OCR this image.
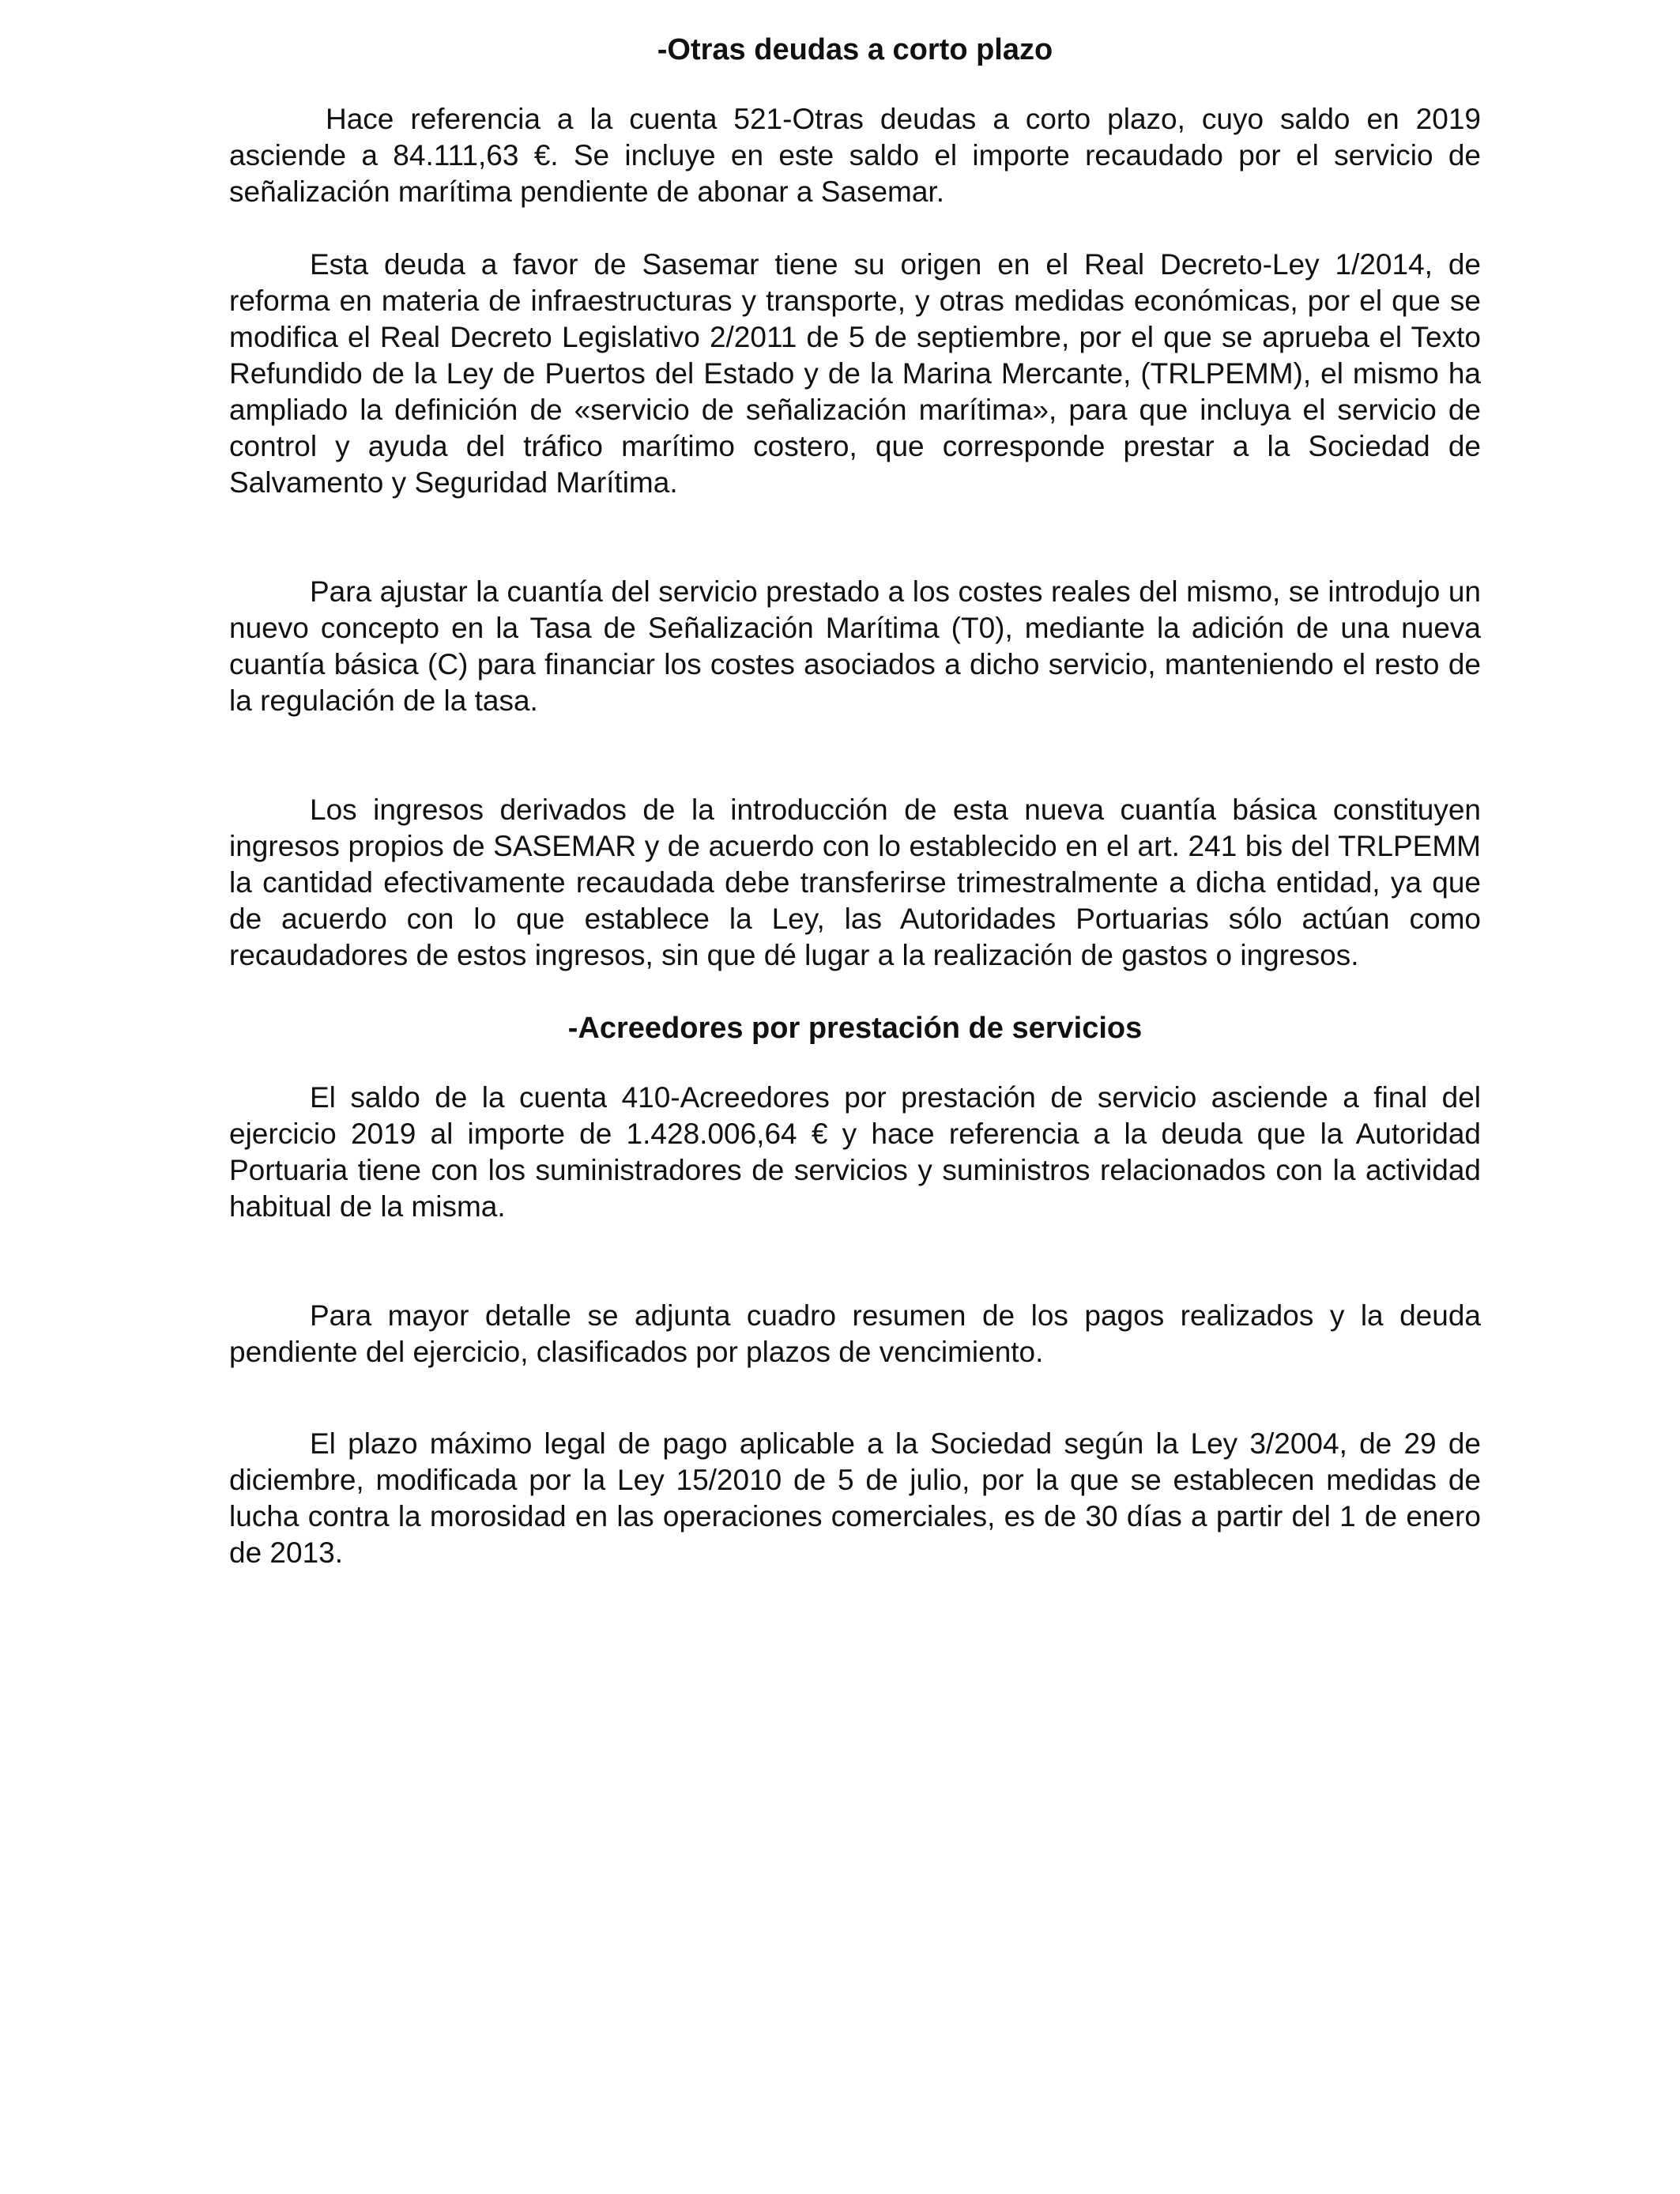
-Otras deudas a corto plazo

Hace referencia a la cuenta 521-Otras deudas a corto plazo, cuyo saldo en 2019 asciende a 84.111,63 €. Se incluye en este saldo el importe recaudado por el servicio de señalización marítima pendiente de abonar a Sasemar.

Esta deuda a favor de Sasemar tiene su origen en el Real Decreto-Ley 1/2014, de reforma en materia de infraestructuras y transporte, y otras medidas económicas, por el que se modifica el Real Decreto Legislativo 2/2011 de 5 de septiembre, por el que se aprueba el Texto Refundido de la Ley de Puertos del Estado y de la Marina Mercante, (TRLPEMM), el mismo ha ampliado la definición de «servicio de señalización marítima», para que incluya el servicio de control y ayuda del tráfico marítimo costero, que corresponde prestar a la Sociedad de Salvamento y Seguridad Marítima.

Para ajustar la cuantía del servicio prestado a los costes reales del mismo, se introdujo un nuevo concepto en la Tasa de Señalización Marítima (T0), mediante la adición de una nueva cuantía básica (C) para financiar los costes asociados a dicho servicio, manteniendo el resto de la regulación de la tasa.

Los ingresos derivados de la introducción de esta nueva cuantía básica constituyen ingresos propios de SASEMAR y de acuerdo con lo establecido en el art. 241 bis del TRLPEMM la cantidad efectivamente recaudada debe transferirse trimestralmente a dicha entidad, ya que de acuerdo con lo que establece la Ley, las Autoridades Portuarias sólo actúan como recaudadores de estos ingresos, sin que dé lugar a la realización de gastos o ingresos.

-Acreedores por prestación de servicios

El saldo de la cuenta 410-Acreedores por prestación de servicio asciende a final del ejercicio 2019 al importe de 1.428.006,64 € y hace referencia a la deuda que la Autoridad Portuaria tiene con los suministradores de servicios y suministros relacionados con la actividad habitual de la misma.

Para mayor detalle se adjunta cuadro resumen de los pagos realizados y la deuda pendiente del ejercicio, clasificados por plazos de vencimiento.

El plazo máximo legal de pago aplicable a la Sociedad según la Ley 3/2004, de 29 de diciembre, modificada por la Ley 15/2010 de 5 de julio, por la que se establecen medidas de lucha contra la morosidad en las operaciones comerciales, es de 30 días a partir del 1 de enero de 2013.
